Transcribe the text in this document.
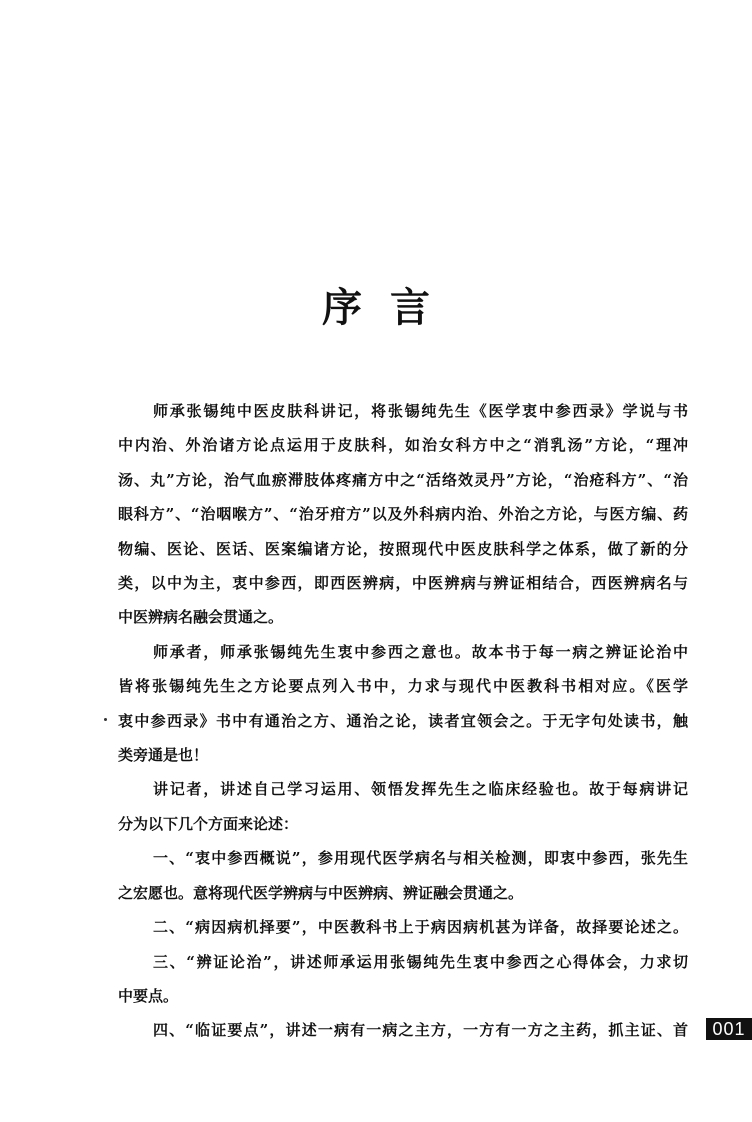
序言
师承张锡纯中医皮肤科讲记，将张锡纯先生《医学衷中参西录》学说与书
中内治、外治诸方论点运用于皮肤科，如治女科方中之“消乳汤”方论，“理冲
汤、丸”方论，治气血瘀滞肢体疼痛方中之“活络效灵丹”方论，“治疮科方”、“治
眼科方”、“治咽喉方”、“治牙疳方”以及外科病内治、外治之方论，与医方编、药
物编、医论、医话、医案编诸方论，按照现代中医皮肤科学之体系，做了新的分
类，以中为主，衷中参西，即西医辨病，中医辨病与辨证相结合，西医辨病名与
中医辨病名融会贯通之。
师承者，师承张锡纯先生衷中参西之意也。故本书于每一病之辨证论治中
皆将张锡纯先生之方论要点列入书中，力求与现代中医教科书相对应。《医学
衷中参西录》书中有通治之方、通治之论，读者宜领会之。于无字句处读书，触
类旁通是也！
讲记者，讲述自己学习运用、领悟发挥先生之临床经验也。故于每病讲记
分为以下几个方面来论述：
一、“衷中参西概说”，参用现代医学病名与相关检测，即衷中参西，张先生
之宏愿也。意将现代医学辨病与中医辨病、辨证融会贯通之。
二、“病因病机择要”，中医教科书上于病因病机甚为详备，故择要论述之。
三、“辨证论治”，讲述师承运用张锡纯先生衷中参西之心得体会，力求切
中要点。
四、“临证要点”，讲述一病有一病之主方，一方有一方之主药，抓主证、首	001
